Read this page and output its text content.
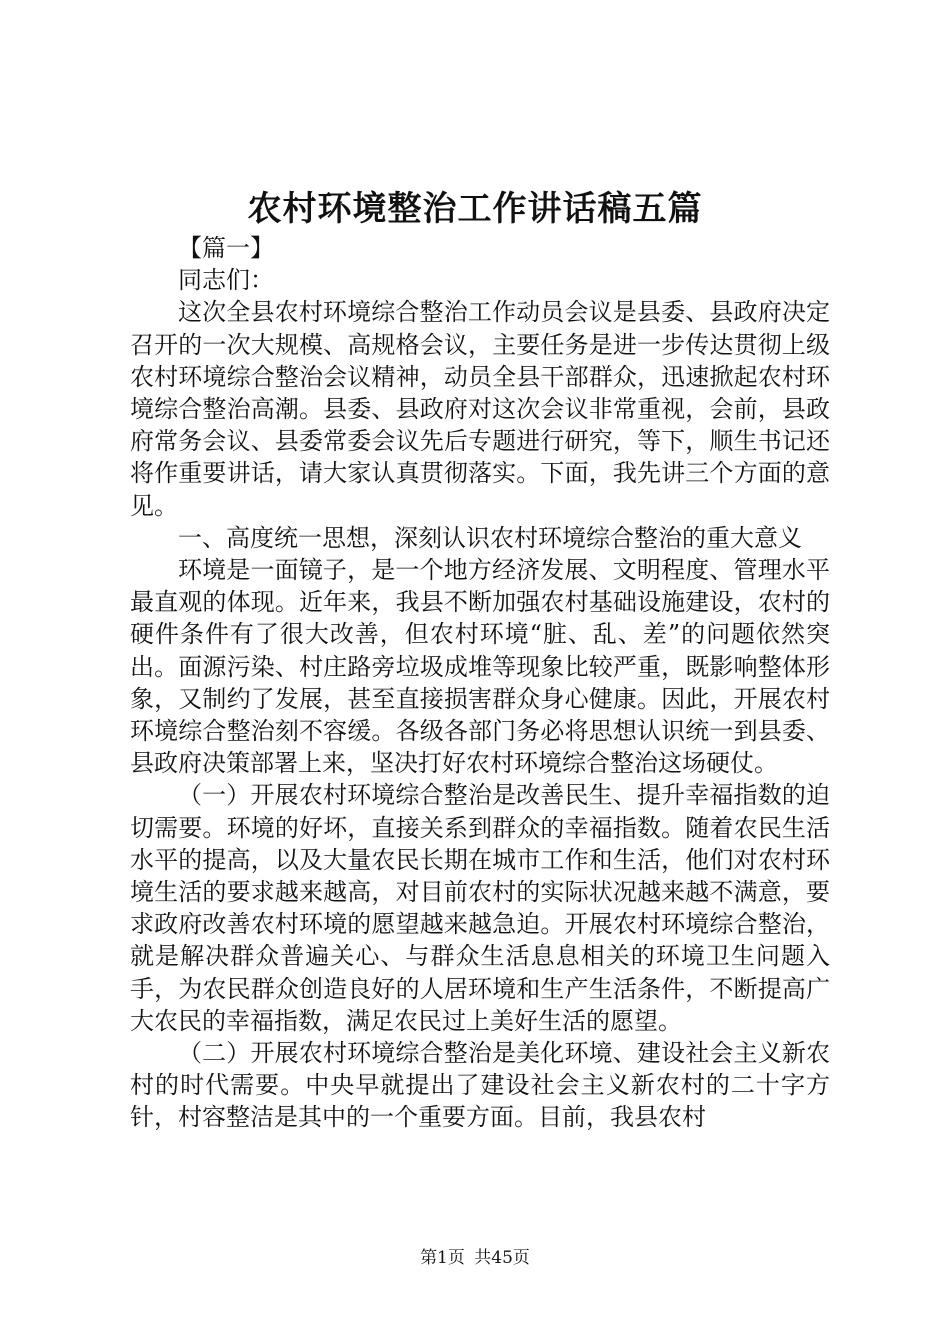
农村环境整治工作讲话稿五篇

【篇一】

同志们：

这次全县农村环境综合整治工作动员会议是县委、县政府决定召开的一次大规模、高规格会议，主要任务是进一步传达贯彻上级农村环境综合整治会议精神，动员全县干部群众，迅速掀起农村环境综合整治高潮。县委、县政府对这次会议非常重视，会前，县政府常务会议、县委常委会议先后专题进行研究，等下，顺生书记还将作重要讲话，请大家认真贯彻落实。下面，我先讲三个方面的意见。

一、高度统一思想，深刻认识农村环境综合整治的重大意义

环境是一面镜子，是一个地方经济发展、文明程度、管理水平最直观的体现。近年来，我县不断加强农村基础设施建设，农村的硬件条件有了很大改善，但农村环境“脏、乱、差”的问题依然突出。面源污染、村庄路旁垃圾成堆等现象比较严重，既影响整体形象，又制约了发展，甚至直接损害群众身心健康。因此，开展农村环境综合整治刻不容缓。各级各部门务必将思想认识统一到县委、县政府决策部署上来，坚决打好农村环境综合整治这场硬仗。

（一）开展农村环境综合整治是改善民生、提升幸福指数的迫切需要。环境的好坏，直接关系到群众的幸福指数。随着农民生活水平的提高，以及大量农民长期在城市工作和生活，他们对农村环境生活的要求越来越高，对目前农村的实际状况越来越不满意，要求政府改善农村环境的愿望越来越急迫。开展农村环境综合整治，就是解决群众普遍关心、与群众生活息息相关的环境卫生问题入手，为农民群众创造良好的人居环境和生产生活条件，不断提高广大农民的幸福指数，满足农民过上美好生活的愿望。

（二）开展农村环境综合整治是美化环境、建设社会主义新农村的时代需要。中央早就提出了建设社会主义新农村的二十字方针，村容整洁是其中的一个重要方面。目前，我县农村

第1页 共45页
